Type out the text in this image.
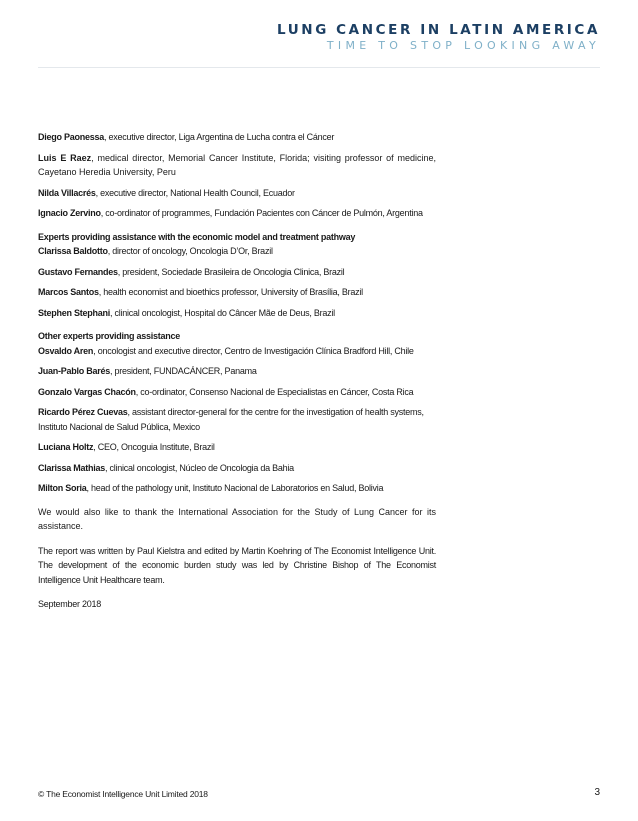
LUNG CANCER IN LATIN AMERICA
TIME TO STOP LOOKING AWAY

Diego Paonessa, executive director, Liga Argentina de Lucha contra el Cáncer

Luis E Raez, medical director, Memorial Cancer Institute, Florida; visiting professor of medicine, Cayetano Heredia University, Peru

Nilda Villacrés, executive director, National Health Council, Ecuador

Ignacio Zervino, co-ordinator of programmes, Fundación Pacientes con Cáncer de Pulmón, Argentina

Experts providing assistance with the economic model and treatment pathway

Clarissa Baldotto, director of oncology, Oncologia D’Or, Brazil

Gustavo Fernandes, president, Sociedade Brasileira de Oncologia Clinica, Brazil

Marcos Santos, health economist and bioethics professor, University of Brasília, Brazil

Stephen Stephani, clinical oncologist, Hospital do Câncer Mãe de Deus, Brazil

Other experts providing assistance

Osvaldo Aren, oncologist and executive director, Centro de Investigación Clínica Bradford Hill, Chile

Juan-Pablo Barés, president, FUNDACÁNCER, Panama

Gonzalo Vargas Chacón, co-ordinator, Consenso Nacional de Especialistas en Cáncer, Costa Rica

Ricardo Pérez Cuevas, assistant director-general for the centre for the investigation of health systems, Instituto Nacional de Salud Pública, Mexico

Luciana Holtz, CEO, Oncoguia Institute, Brazil

Clarissa Mathias, clinical oncologist, Núcleo de Oncologia da Bahia

Milton Soria, head of the pathology unit, Instituto Nacional de Laboratorios en Salud, Bolivia

We would also like to thank the International Association for the Study of Lung Cancer for its assistance.

The report was written by Paul Kielstra and edited by Martin Koehring of The Economist Intelligence Unit. The development of the economic burden study was led by Christine Bishop of The Economist Intelligence Unit Healthcare team.

September 2018

© The Economist Intelligence Unit Limited 2018	3
